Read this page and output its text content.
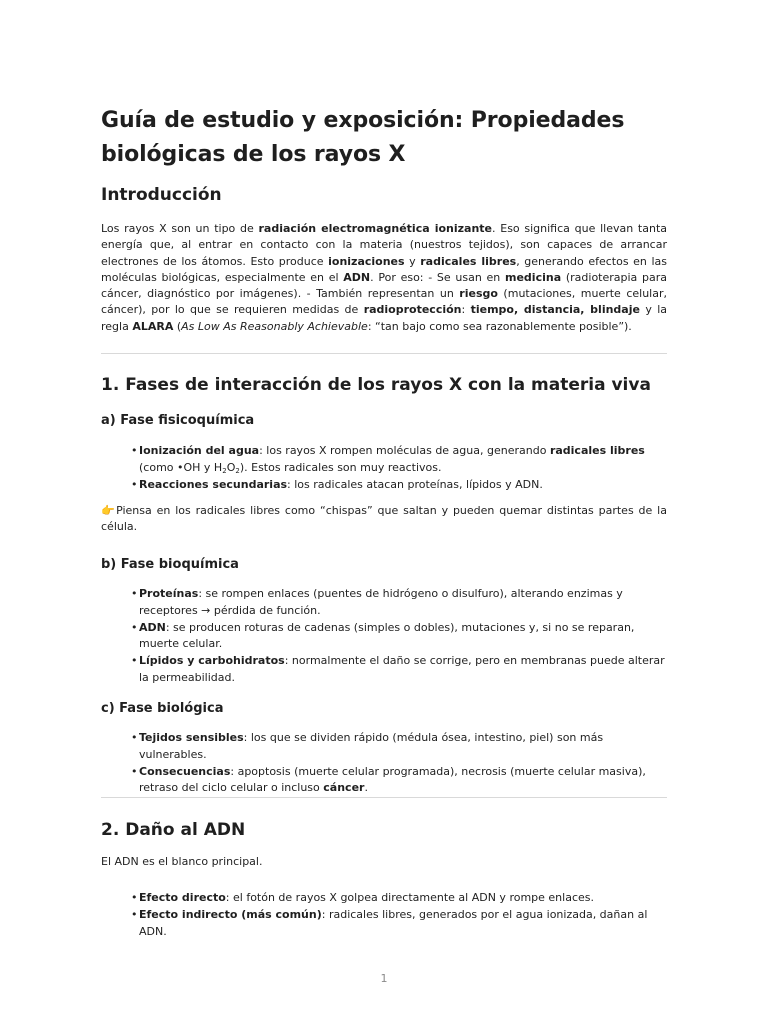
Guía de estudio y exposición: Propiedades biológicas de los rayos X
Introducción

Los rayos X son un tipo de radiación electromagnética ionizante. Eso significa que llevan tanta energía que, al entrar en contacto con la materia (nuestros tejidos), son capaces de arrancar electrones de los átomos. Esto produce ionizaciones y radicales libres, generando efectos en las moléculas biológicas, especialmente en el ADN. Por eso: - Se usan en medicina (radioterapia para cáncer, diagnóstico por imágenes). - También representan un riesgo (mutaciones, muerte celular, cáncer), por lo que se requieren medidas de radioprotección: tiempo, distancia, blindaje y la regla ALARA (As Low As Reasonably Achievable: “tan bajo como sea razonablemente posible”).

1. Fases de interacción de los rayos X con la materia viva
a) Fase fisicoquímica
• Ionización del agua: los rayos X rompen moléculas de agua, generando radicales libres (como •OH y $H_2O_2$). Estos radicales son muy reactivos.
• Reacciones secundarias: los radicales atacan proteínas, lípidos y ADN.

👉Piensa en los radicales libres como “chispas” que saltan y pueden quemar distintas partes de la célula.

b) Fase bioquímica
• Proteínas: se rompen enlaces (puentes de hidrógeno o disulfuro), alterando enzimas y receptores → pérdida de función.
• ADN: se producen roturas de cadenas (simples o dobles), mutaciones y, si no se reparan, muerte celular.
• Lípidos y carbohidratos: normalmente el daño se corrige, pero en membranas puede alterar la permeabilidad.
c) Fase biológica
• Tejidos sensibles: los que se dividen rápido (médula ósea, intestino, piel) son más vulnerables.
• Consecuencias: apoptosis (muerte celular programada), necrosis (muerte celular masiva), retraso del ciclo celular o incluso cáncer.
2. Daño al ADN

El ADN es el blanco principal.

• Efecto directo: el fotón de rayos X golpea directamente al ADN y rompe enlaces.
• Efecto indirecto (más común): radicales libres, generados por el agua ionizada, dañan al ADN.
1
